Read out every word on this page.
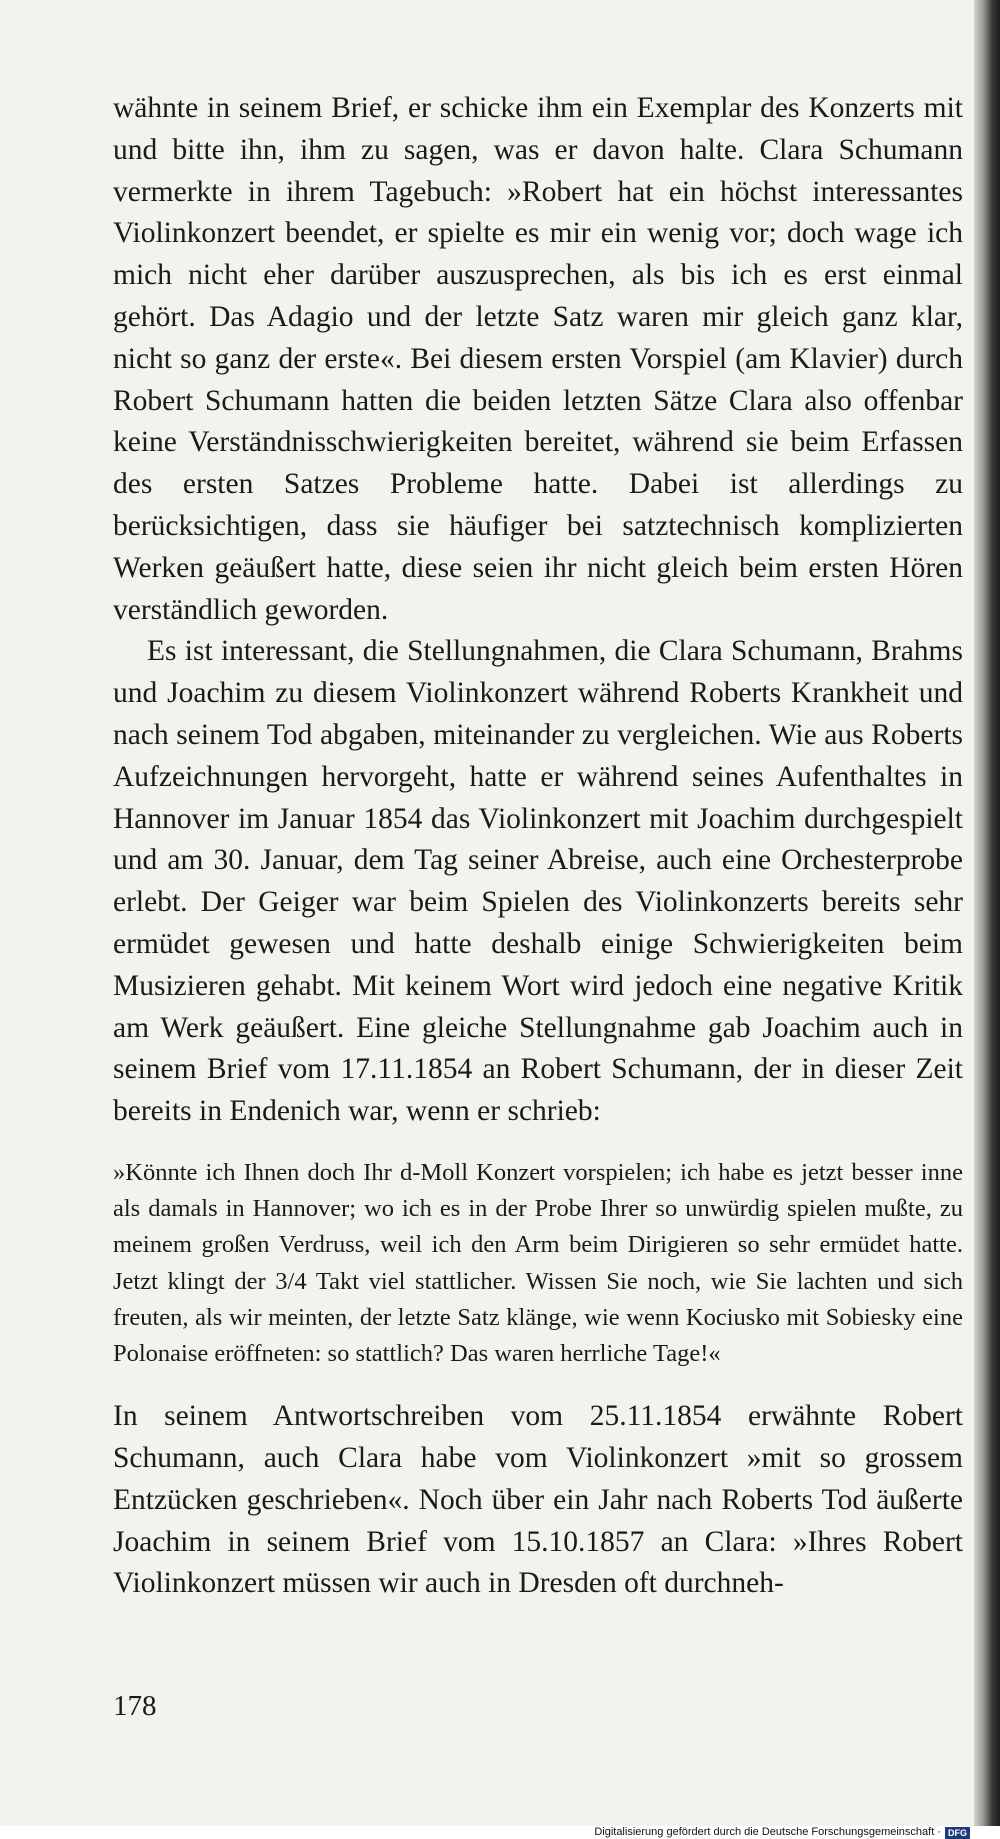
wähnte in seinem Brief, er schicke ihm ein Exemplar des Konzerts mit und bitte ihn, ihm zu sagen, was er davon halte. Clara Schumann vermerkte in ihrem Tagebuch: »Robert hat ein höchst interessantes Violinkonzert beendet, er spielte es mir ein wenig vor; doch wage ich mich nicht eher darüber auszusprechen, als bis ich es erst einmal gehört. Das Adagio und der letzte Satz waren mir gleich ganz klar, nicht so ganz der erste«. Bei diesem ersten Vorspiel (am Klavier) durch Robert Schumann hatten die beiden letzten Sätze Clara also offenbar keine Verständnisschwierigkeiten bereitet, während sie beim Erfassen des ersten Satzes Probleme hatte. Dabei ist allerdings zu berücksichtigen, dass sie häufiger bei satztechnisch komplizierten Werken geäußert hatte, diese seien ihr nicht gleich beim ersten Hören verständlich geworden.

Es ist interessant, die Stellungnahmen, die Clara Schumann, Brahms und Joachim zu diesem Violinkonzert während Roberts Krankheit und nach seinem Tod abgaben, miteinander zu vergleichen. Wie aus Roberts Aufzeichnungen hervorgeht, hatte er während seines Aufenthaltes in Hannover im Januar 1854 das Violinkonzert mit Joachim durchgespielt und am 30. Januar, dem Tag seiner Abreise, auch eine Orchesterprobe erlebt. Der Geiger war beim Spielen des Violinkonzerts bereits sehr ermüdet gewesen und hatte deshalb einige Schwierigkeiten beim Musizieren gehabt. Mit keinem Wort wird jedoch eine negative Kritik am Werk geäußert. Eine gleiche Stellungnahme gab Joachim auch in seinem Brief vom 17.11.1854 an Robert Schumann, der in dieser Zeit bereits in Endenich war, wenn er schrieb:

»Könnte ich Ihnen doch Ihr d-Moll Konzert vorspielen; ich habe es jetzt besser inne als damals in Hannover; wo ich es in der Probe Ihrer so unwürdig spielen mußte, zu meinem großen Verdruss, weil ich den Arm beim Dirigieren so sehr ermüdet hatte. Jetzt klingt der 3/4 Takt viel stattlicher. Wissen Sie noch, wie Sie lachten und sich freuten, als wir meinten, der letzte Satz klänge, wie wenn Kociusko mit Sobiesky eine Polonaise eröffneten: so stattlich? Das waren herrliche Tage!«

In seinem Antwortschreiben vom 25.11.1854 erwähnte Robert Schumann, auch Clara habe vom Violinkonzert »mit so grossem Entzücken geschrieben«. Noch über ein Jahr nach Roberts Tod äußerte Joachim in seinem Brief vom 15.10.1857 an Clara: »Ihres Robert Violinkonzert müssen wir auch in Dresden oft durchneh-

178
Digitalisierung gefördert durch die Deutsche Forschungsgemeinschaft · DFG
